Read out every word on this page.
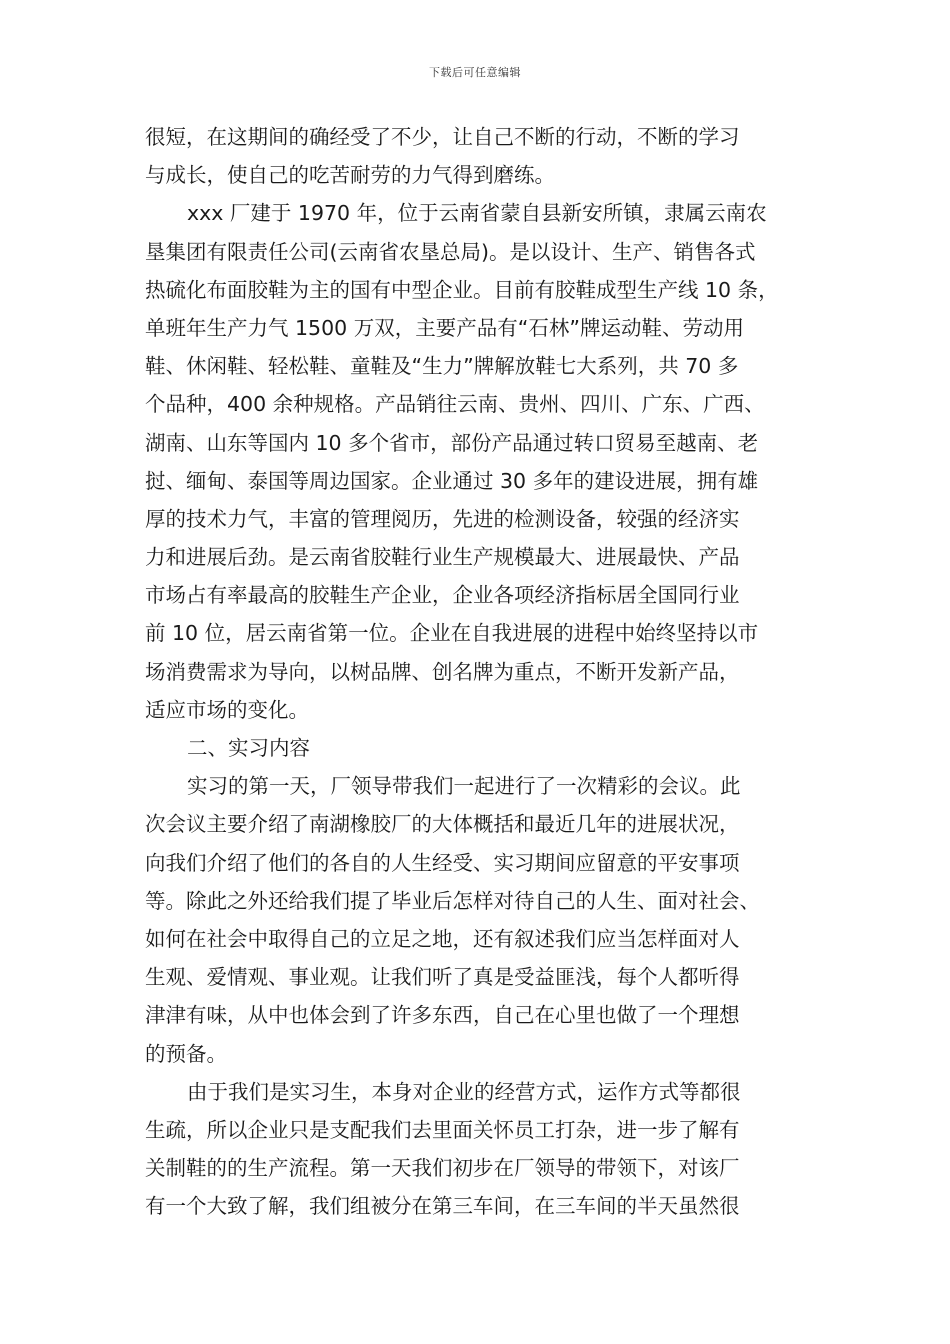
下载后可任意编辑
很短，在这期间的确经受了不少，让自己不断的行动，不断的学习
与成长，使自己的吃苦耐劳的力气得到磨练。
xxx 厂建于 1970 年，位于云南省蒙自县新安所镇，隶属云南农
垦集团有限责任公司(云南省农垦总局)。是以设计、生产、销售各式
热硫化布面胶鞋为主的国有中型企业。目前有胶鞋成型生产线 10 条，
单班年生产力气 1500 万双，主要产品有“石林”牌运动鞋、劳动用
鞋、休闲鞋、轻松鞋、童鞋及“生力”牌解放鞋七大系列，共 70 多
个品种，400 余种规格。产品销往云南、贵州、四川、广东、广西、
湖南、山东等国内 10 多个省市，部份产品通过转口贸易至越南、老
挝、缅甸、泰国等周边国家。企业通过 30 多年的建设进展，拥有雄
厚的技术力气，丰富的管理阅历，先进的检测设备，较强的经济实
力和进展后劲。是云南省胶鞋行业生产规模最大、进展最快、产品
市场占有率最高的胶鞋生产企业，企业各项经济指标居全国同行业
前 10 位，居云南省第一位。企业在自我进展的进程中始终坚持以市
场消费需求为导向，以树品牌、创名牌为重点，不断开发新产品，
适应市场的变化。
二、实习内容
实习的第一天，厂领导带我们一起进行了一次精彩的会议。此
次会议主要介绍了南湖橡胶厂的大体概括和最近几年的进展状况，
向我们介绍了他们的各自的人生经受、实习期间应留意的平安事项
等。除此之外还给我们提了毕业后怎样对待自己的人生、面对社会、
如何在社会中取得自己的立足之地，还有叙述我们应当怎样面对人
生观、爱情观、事业观。让我们听了真是受益匪浅，每个人都听得
津津有味，从中也体会到了许多东西，自己在心里也做了一个理想
的预备。
由于我们是实习生，本身对企业的经营方式，运作方式等都很
生疏，所以企业只是支配我们去里面关怀员工打杂，进一步了解有
关制鞋的的生产流程。第一天我们初步在厂领导的带领下，对该厂
有一个大致了解，我们组被分在第三车间，在三车间的半天虽然很
